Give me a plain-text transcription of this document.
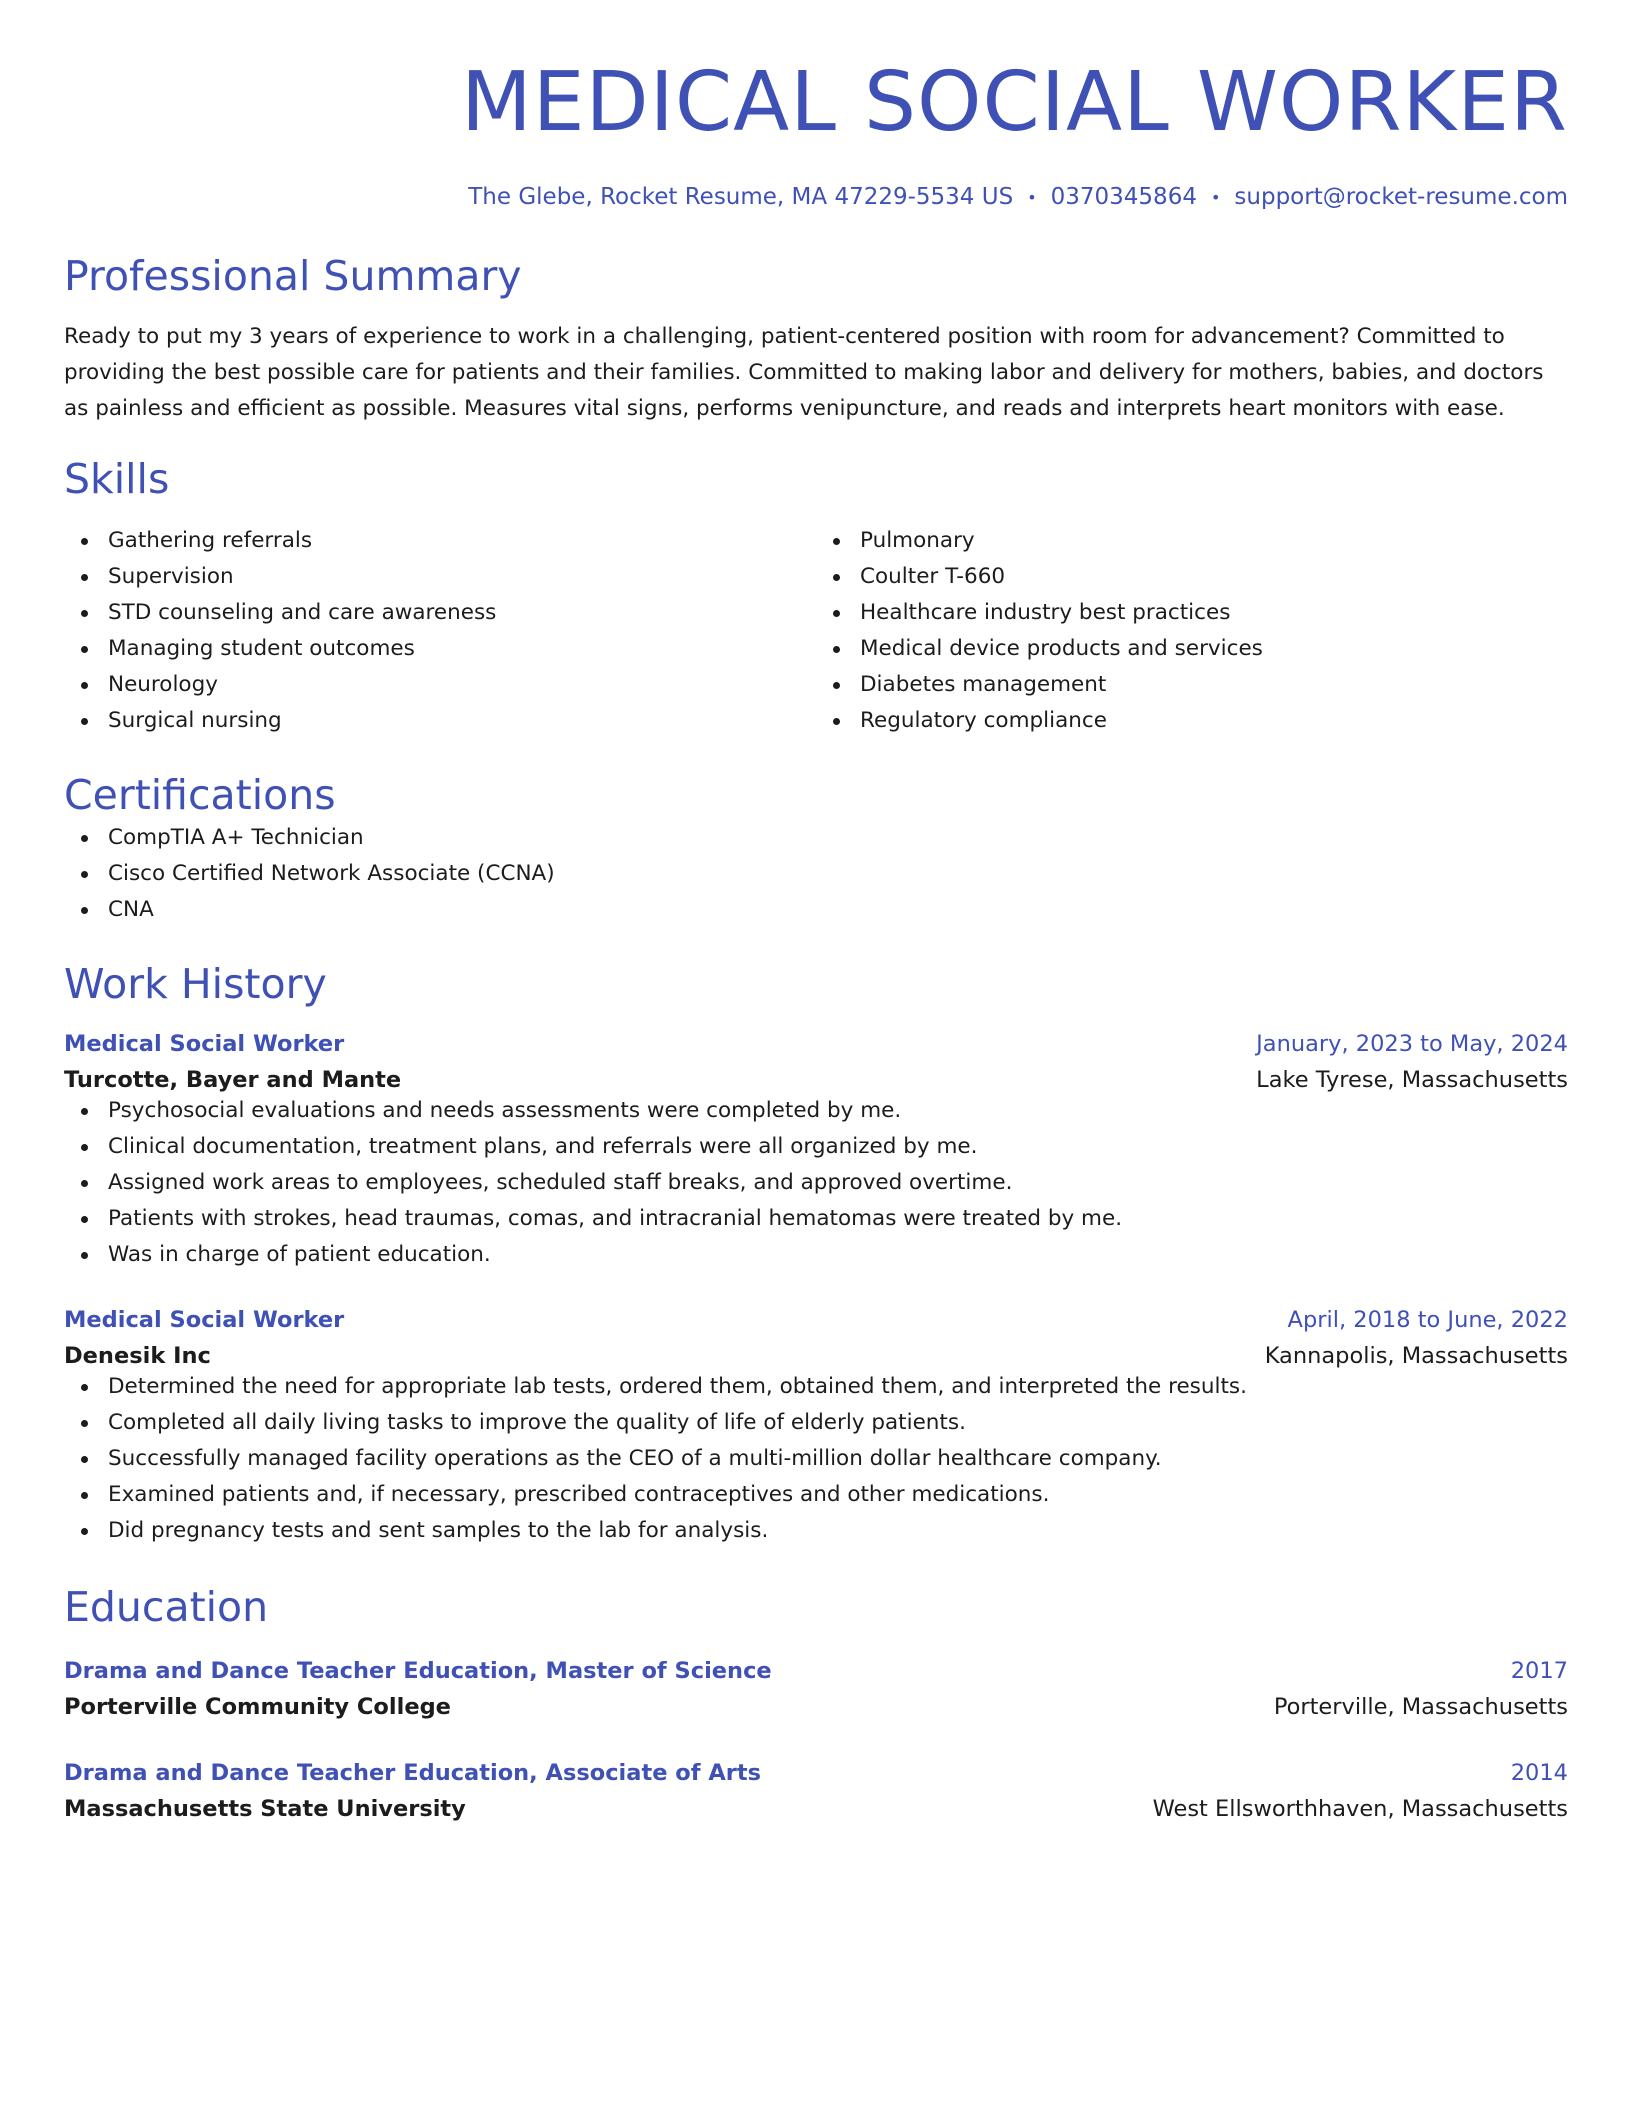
MEDICAL SOCIAL WORKER
The Glebe, Rocket Resume, MA 47229-5534 US • 0370345864 • support@rocket-resume.com
Professional Summary

Ready to put my 3 years of experience to work in a challenging, patient-centered position with room for advancement? Committed to providing the best possible care for patients and their families. Committed to making labor and delivery for mothers, babies, and doctors as painless and efficient as possible. Measures vital signs, performs venipuncture, and reads and interprets heart monitors with ease.

Skills
Gathering referrals
Supervision
STD counseling and care awareness
Managing student outcomes
Neurology
Surgical nursing
Pulmonary
Coulter T-660
Healthcare industry best practices
Medical device products and services
Diabetes management
Regulatory compliance
Certifications
CompTIA A+ Technician
Cisco Certified Network Associate (CCNA)
CNA
Work History
Medical Social Worker	January, 2023 to May, 2024
Turcotte, Bayer and Mante	Lake Tyrese, Massachusetts
Psychosocial evaluations and needs assessments were completed by me.
Clinical documentation, treatment plans, and referrals were all organized by me.
Assigned work areas to employees, scheduled staff breaks, and approved overtime.
Patients with strokes, head traumas, comas, and intracranial hematomas were treated by me.
Was in charge of patient education.
Medical Social Worker	April, 2018 to June, 2022
Denesik Inc	Kannapolis, Massachusetts
Determined the need for appropriate lab tests, ordered them, obtained them, and interpreted the results.
Completed all daily living tasks to improve the quality of life of elderly patients.
Successfully managed facility operations as the CEO of a multi-million dollar healthcare company.
Examined patients and, if necessary, prescribed contraceptives and other medications.
Did pregnancy tests and sent samples to the lab for analysis.
Education
Drama and Dance Teacher Education, Master of Science	2017
Porterville Community College	Porterville, Massachusetts
Drama and Dance Teacher Education, Associate of Arts	2014
Massachusetts State University	West Ellsworthhaven, Massachusetts
